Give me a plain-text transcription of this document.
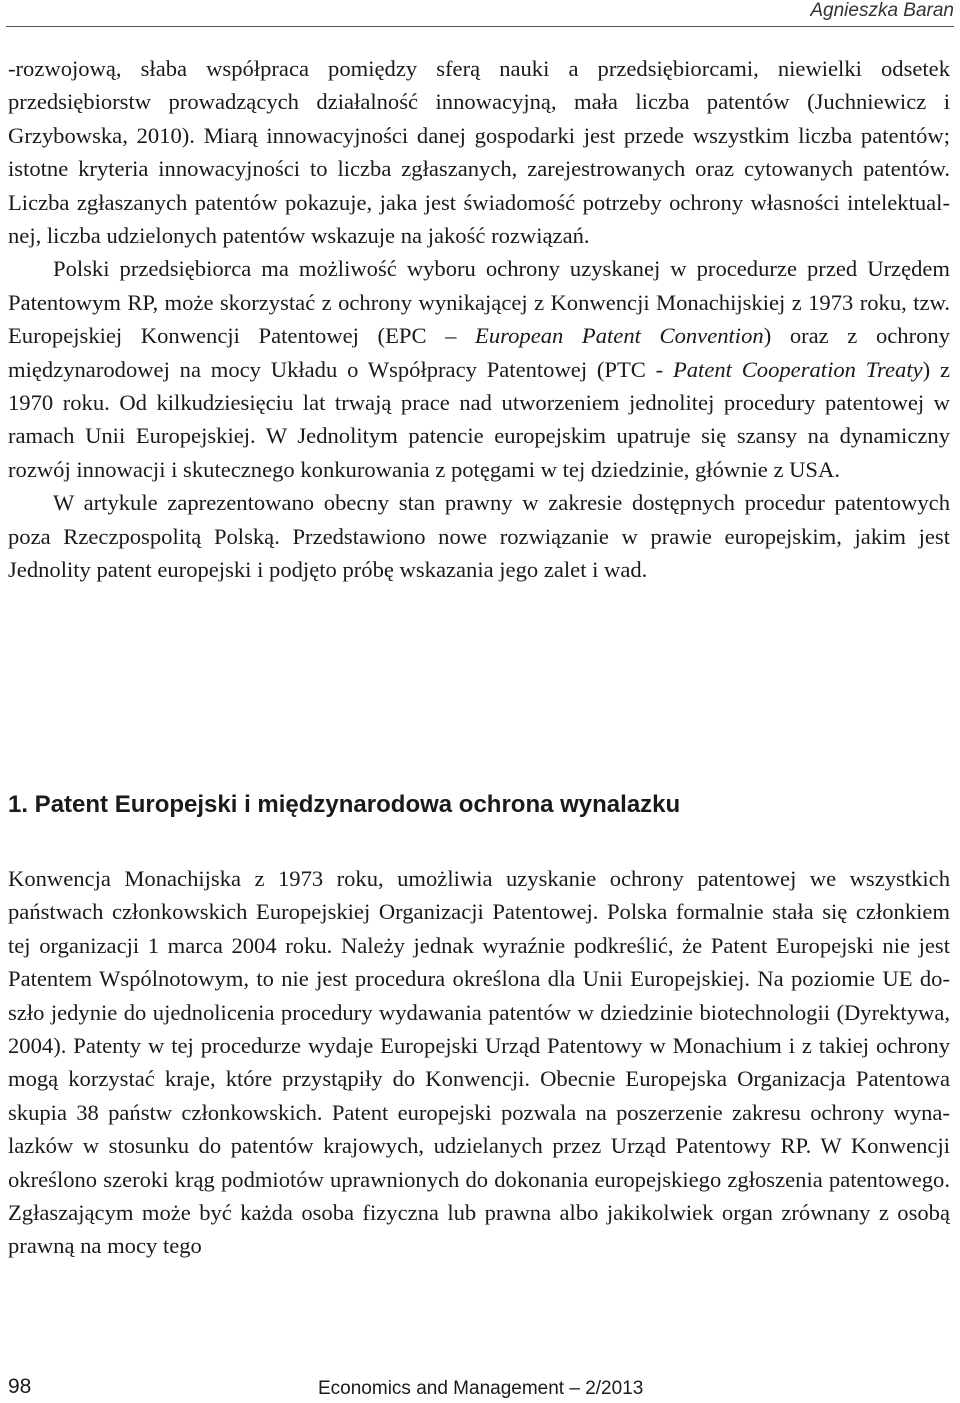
Agnieszka Baran

-rozwojową, słaba współpraca pomiędzy sferą nauki a przedsiębiorcami, niewielki odsetek przedsiębiorstw prowadzących działalność innowacyjną, mała liczba patentów (Juchniewicz i Grzybowska, 2010). Miarą innowacyjności danej gospodarki jest przede wszystkim liczba patentów; istotne kryteria innowacyjności to liczba zgłaszanych, zarejestrowanych oraz cytowanych patentów. Liczba zgłaszanych patentów pokazuje, jaka jest świadomość potrzeby ochrony własności intelektualnej, liczba udzielonych patentów wskazuje na jakość rozwiązań.

Polski przedsiębiorca ma możliwość wyboru ochrony uzyskanej w procedurze przed Urzędem Patentowym RP, może skorzystać z ochrony wynikającej z Konwencji Monachijskiej z 1973 roku, tzw. Europejskiej Konwencji Patentowej (EPC – European Patent Convention) oraz z ochrony międzynarodowej na mocy Układu o Współpracy Patentowej (PTC - Patent Cooperation Treaty) z 1970 roku. Od kilkudziesięciu lat trwają prace nad utworzeniem jednolitej procedury patentowej w ramach Unii Europejskiej. W Jednolitym patencie europejskim upatruje się szansy na dynamiczny rozwój innowacji i skutecznego konkurowania z potęgami w tej dziedzinie, głównie z USA.

W artykule zaprezentowano obecny stan prawny w zakresie dostępnych procedur patentowych poza Rzeczpospolitą Polską. Przedstawiono nowe rozwiązanie w prawie europejskim, jakim jest Jednolity patent europejski i podjęto próbę wskazania jego zalet i wad.

1. Patent Europejski i międzynarodowa ochrona wynalazku

Konwencja Monachijska z 1973 roku, umożliwia uzyskanie ochrony patentowej we wszystkich państwach członkowskich Europejskiej Organizacji Patentowej. Polska formalnie stała się członkiem tej organizacji 1 marca 2004 roku. Należy jednak wyraźnie podkreślić, że Patent Europejski nie jest Patentem Wspólnotowym, to nie jest procedura określona dla Unii Europejskiej. Na poziomie UE doszło jedynie do ujednolicenia procedury wydawania patentów w dziedzinie biotechnologii (Dyrektywa, 2004). Patenty w tej procedurze wydaje Europejski Urząd Patentowy w Monachium i z takiej ochrony mogą korzystać kraje, które przystąpiły do Konwencji. Obecnie Europejska Organizacja Patentowa skupia 38 państw członkowskich. Patent europejski pozwala na poszerzenie zakresu ochrony wynalazków w stosunku do patentów krajowych, udzielanych przez Urząd Patentowy RP. W Konwencji określono szeroki krąg podmiotów uprawnionych do dokonania europejskiego zgłoszenia patentowego. Zgłaszającym może być każda osoba fizyczna lub prawna albo jakikolwiek organ zrównany z osobą prawną na mocy tego

98	Economics and Management – 2/2013
